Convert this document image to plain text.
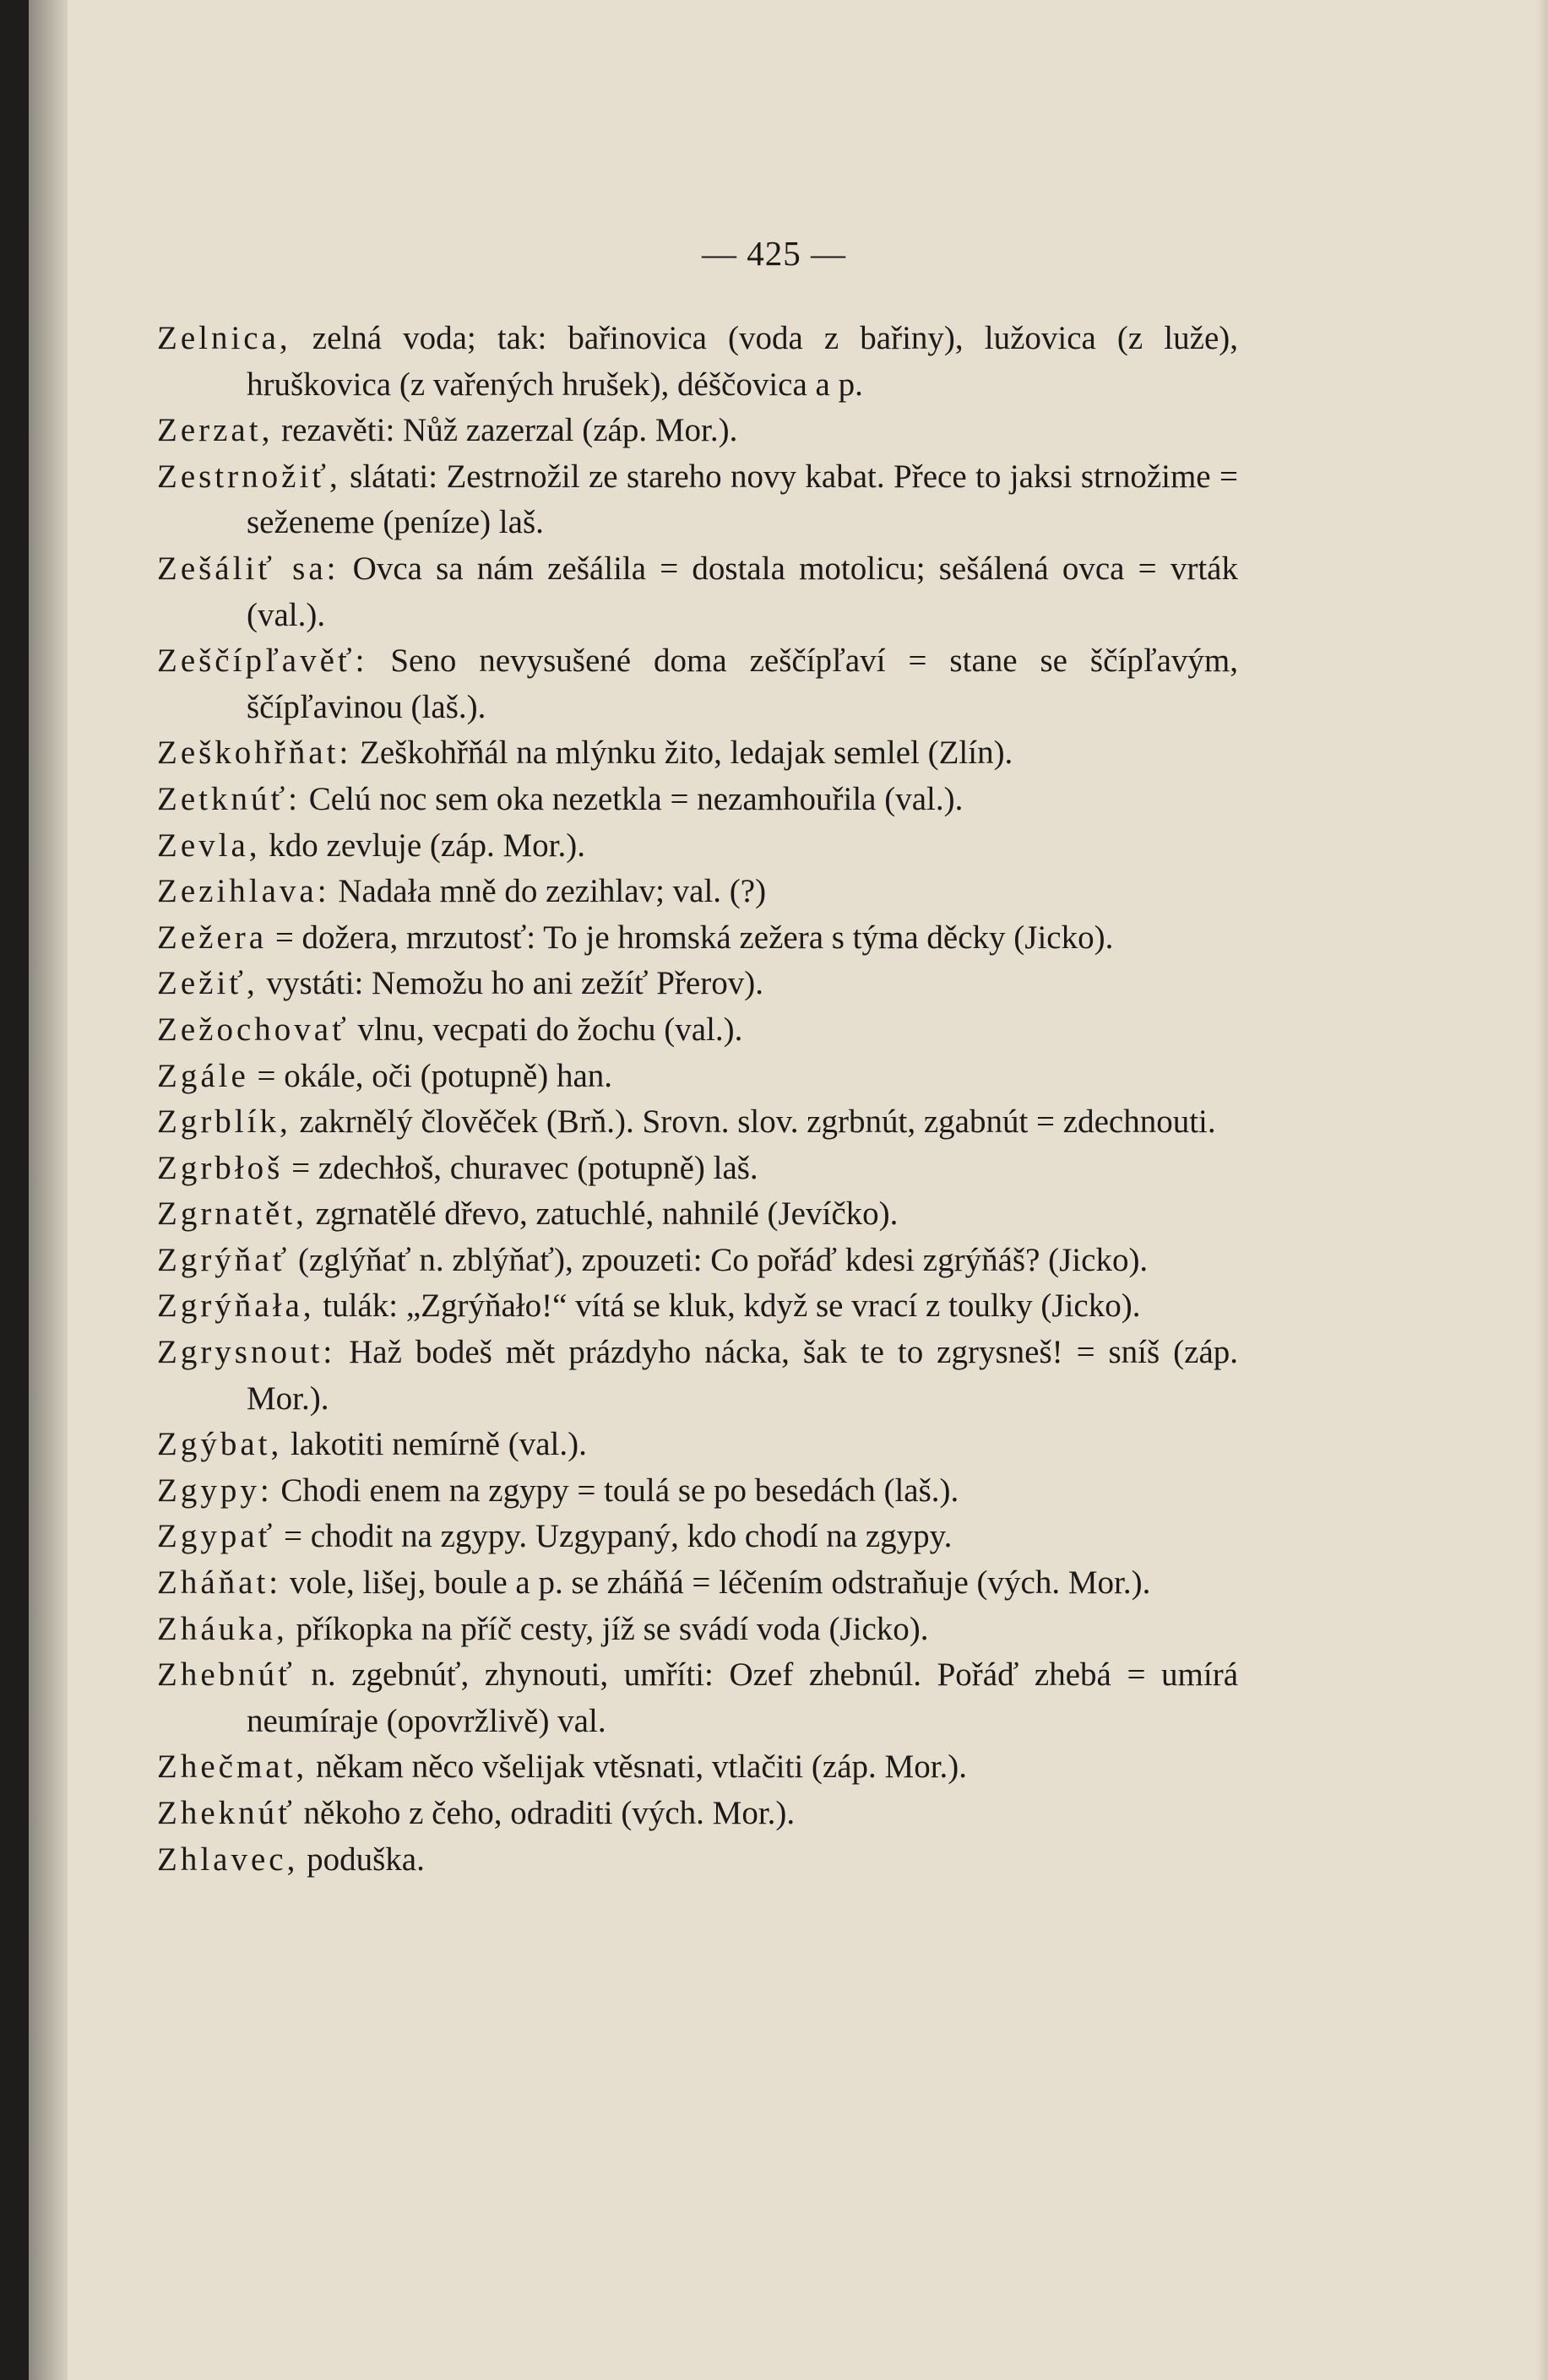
— 425 —

Zelnica, zelná voda; tak: bařinovica (voda z bařiny), lužovica (z luže), hruškovica (z vařených hrušek), déščovica a p.

Zerzat, rezavěti: Nůž zazerzal (záp. Mor.).

Zestrnožiť, slátati: Zestrnožil ze stareho novy kabat. Přece to jaksi strnožime = seženeme (peníze) laš.

Zešáliť sa: Ovca sa nám zešálila = dostala motolicu; sešálená ovca = vrták (val.).

Zeščípľavěť: Seno nevysušené doma zeščípľaví = stane se ščípľavým, ščípľavinou (laš.).

Zeškohřňat: Zeškohřňál na mlýnku žito, ledajak semlel (Zlín).

Zetknúť: Celú noc sem oka nezetkla = nezamhouřila (val.).

Zevla, kdo zevluje (záp. Mor.).

Zezihlava: Nadała mně do zezihlav; val. (?)

Zežera = dožera, mrzutosť: To je hromská zežera s týma děcky (Jicko).

Zežiť, vystáti: Nemožu ho ani zežíť Přerov).

Zežochovať vlnu, vecpati do žochu (val.).

Zgále = okále, oči (potupně) han.

Zgrblík, zakrnělý člověček (Brň.). Srovn. slov. zgrbnút, zgabnút = zdechnouti.

Zgrbłoš = zdechłoš, churavec (potupně) laš.

Zgrnatět, zgrnatělé dřevo, zatuchlé, nahnilé (Jevíčko).

Zgrýňať (zglýňať n. zblýňať), zpouzeti: Co pořáď kdesi zgrýňáš? (Jicko).

Zgrýňała, tulák: „Zgrýňało!“ vítá se kluk, když se vrací z toulky (Jicko).

Zgrysnout: Haž bodeš mět prázdyho nácka, šak te to zgrysneš! = sníš (záp. Mor.).

Zgýbat, lakotiti nemírně (val.).

Zgypy: Chodi enem na zgypy = toulá se po besedách (laš.).

Zgypať = chodit na zgypy. Uzgypaný, kdo chodí na zgypy.

Zháňat: vole, lišej, boule a p. se zháňá = léčením odstraňuje (vých. Mor.).

Zháuka, příkopka na příč cesty, jíž se svádí voda (Jicko).

Zhebnúť n. zgebnúť, zhynouti, umříti: Ozef zhebnúl. Pořáď zhebá = umírá neumíraje (opovržlivě) val.

Zhečmat, někam něco všelijak vtěsnati, vtlačiti (záp. Mor.).

Zheknúť někoho z čeho, odraditi (vých. Mor.).

Zhlavec, poduška.
